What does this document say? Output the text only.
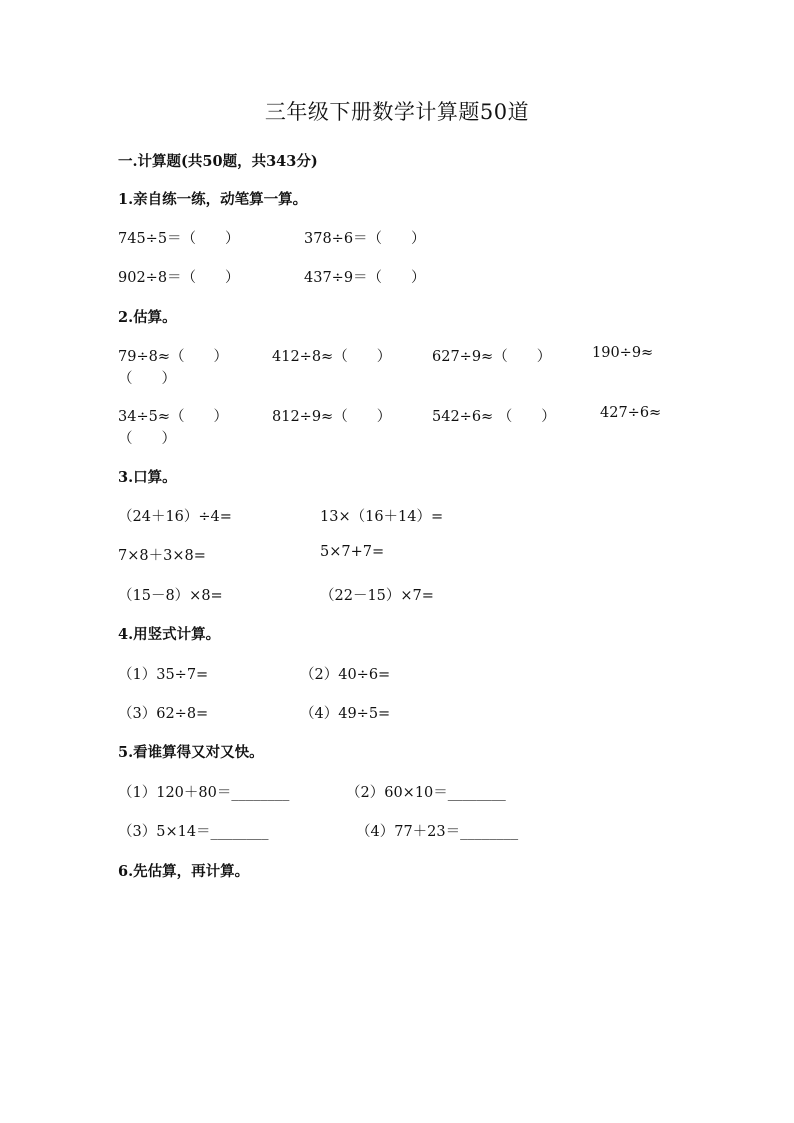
三年级下册数学计算题50道
一.计算题(共50题，共343分)
1.亲自练一练，动笔算一算。
745÷5＝（　　）	378÷6＝（　　）
902÷8＝（　　）	437÷9＝（　　）
2.估算。
79÷8≈（　　）	412÷8≈（　　）	627÷9≈（　　）	190÷9≈
（　　）
34÷5≈（　　）	812÷9≈（　　）	542÷6≈ （　　）	427÷6≈
（　　）
3.口算。
（24＋16）÷4=	13×（16＋14）=
7×8＋3×8=	5×7+7=
（15－8）×8=	（22－15）×7=
4.用竖式计算。
（1）35÷7=	（2）40÷6=
（3）62÷8=	（4）49÷5=
5.看谁算得又对又快。
（1）120＋80＝________	（2）60×10＝________
（3）5×14＝________	（4）77＋23＝________
6.先估算，再计算。
